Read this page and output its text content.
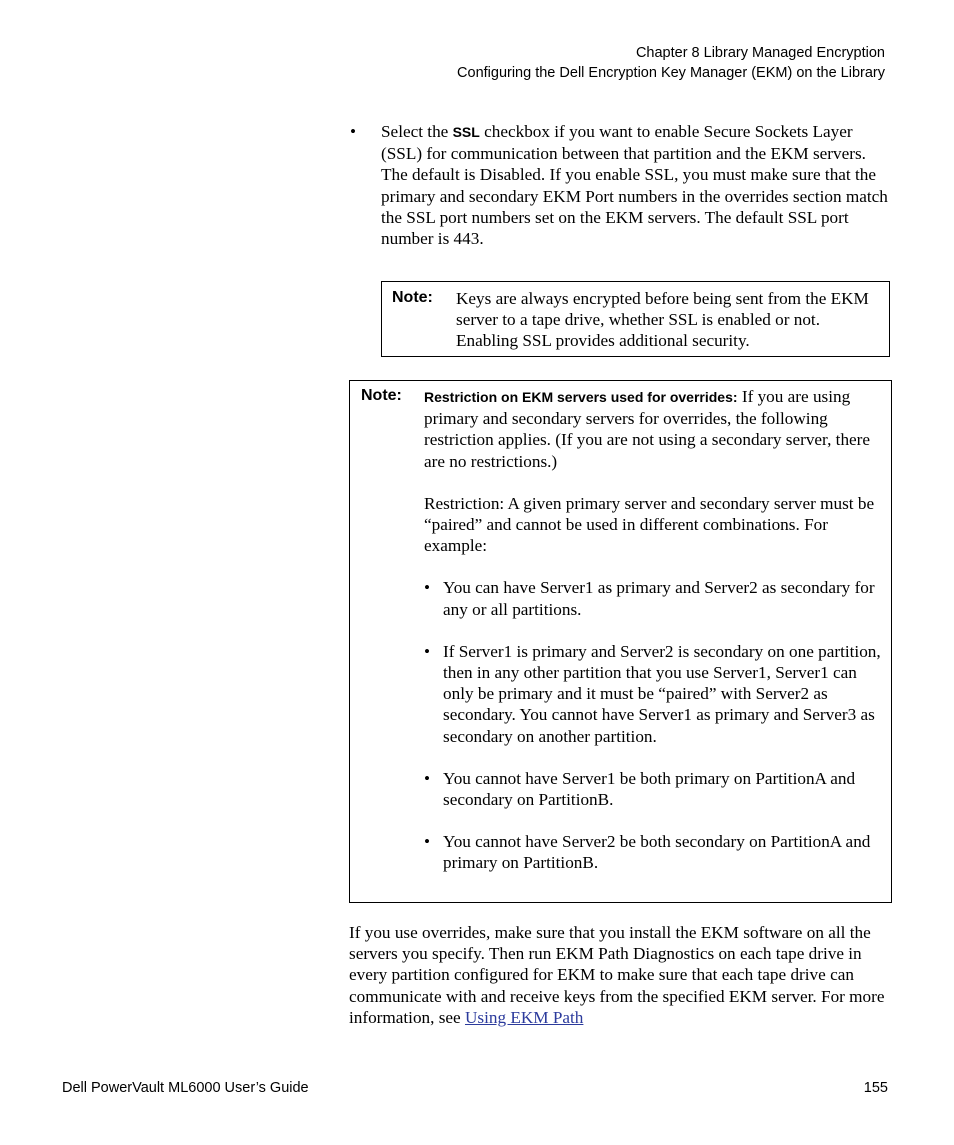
Chapter 8 Library Managed Encryption
Configuring the Dell Encryption Key Manager (EKM) on the Library
• Select the SSL checkbox if you want to enable Secure Sockets Layer (SSL) for communication between that partition and the EKM servers. The default is Disabled. If you enable SSL, you must make sure that the primary and secondary EKM Port numbers in the overrides section match the SSL port numbers set on the EKM servers. The default SSL port number is 443.
Note: Keys are always encrypted before being sent from the EKM server to a tape drive, whether SSL is enabled or not. Enabling SSL provides additional security.
Note: Restriction on EKM servers used for overrides: If you are using primary and secondary servers for overrides, the following restriction applies. (If you are not using a secondary server, there are no restrictions.)

Restriction: A given primary server and secondary server must be “paired” and cannot be used in different combinations. For example:

• You can have Server1 as primary and Server2 as secondary for any or all partitions.

• If Server1 is primary and Server2 is secondary on one partition, then in any other partition that you use Server1, Server1 can only be primary and it must be “paired” with Server2 as secondary. You cannot have Server1 as primary and Server3 as secondary on another partition.

• You cannot have Server1 be both primary on PartitionA and secondary on PartitionB.

• You cannot have Server2 be both secondary on PartitionA and primary on PartitionB.

If you use overrides, make sure that you install the EKM software on all the servers you specify. Then run EKM Path Diagnostics on each tape drive in every partition configured for EKM to make sure that each tape drive can communicate with and receive keys from the specified EKM server. For more information, see Using EKM Path
Dell PowerVault ML6000 User’s Guide	155
